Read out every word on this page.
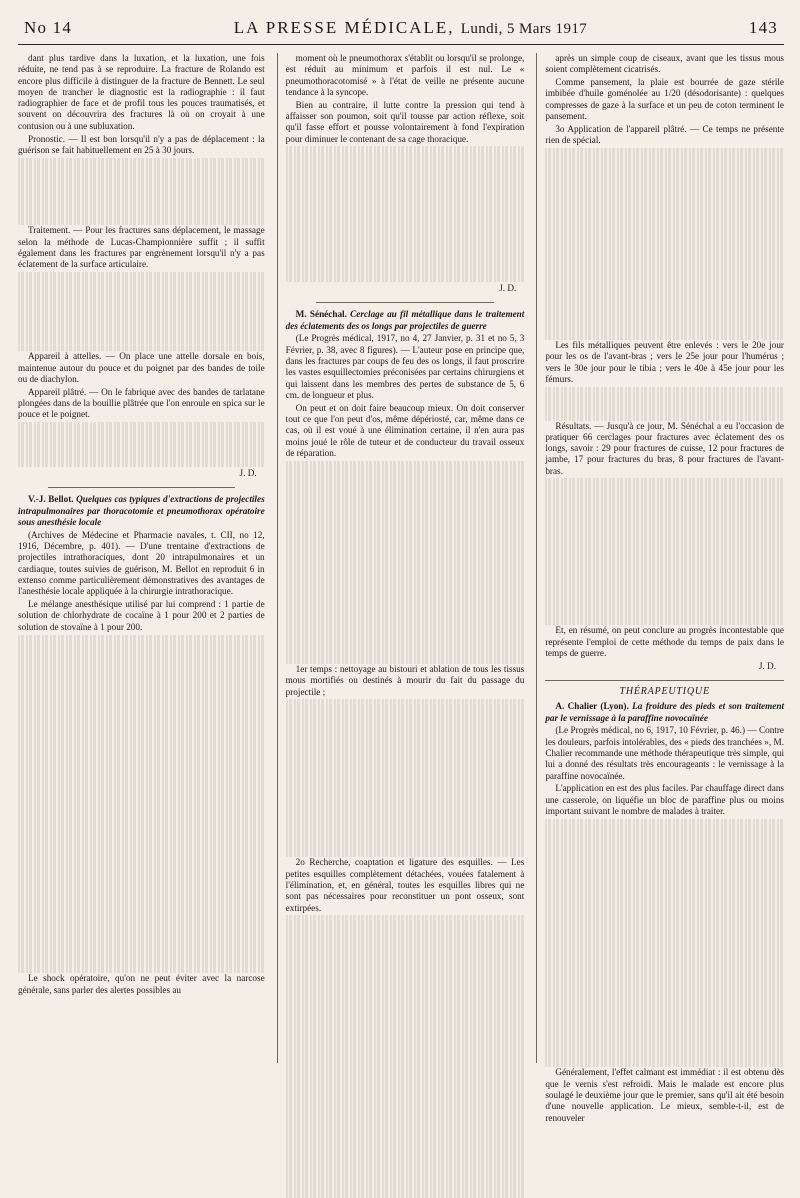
No 14	LA PRESSE MÉDICALE, Lundi, 5 Mars 1917	143

dant plus tardive dans la luxation, et la luxation, une fois réduite, ne tend pas à se reproduire. La fracture de Rolando est encore plus difficile à distinguer de la fracture de Bennett. Le seul moyen de trancher le diagnostic est la radiographie : il faut radiographier de face et de profil tous les pouces traumatisés, et souvent on découvrira des fractures là où on croyait à une contusion ou à une subluxation.

Pronostic. — Il est bon lorsqu'il n'y a pas de déplacement : la guérison se fait habituellement en 25 à 30 jours.

Traitement. — Pour les fractures sans déplacement, le massage selon la méthode de Lucas-Championnière suffit ; il suffit également dans les fractures par engrènement lorsqu'il n'y a pas éclatement de la surface articulaire.

Appareil à attelles. — On place une attelle dorsale en bois, maintenue autour du pouce et du poignet par des bandes de toile ou de diachylon.

Appareil plâtré. — On le fabrique avec des bandes de tarlatane plongées dans de la bouillie plâtrée que l'on enroule en spica sur le pouce et le poignet.

J. D.

V.-J. Bellot. Quelques cas typiques d'extractions de projectiles intrapulmonaires par thoracotomie et pneumothorax opératoire sous anesthésie locale

(Archives de Médecine et Pharmacie navales, t. CII, no 12, 1916, Décembre, p. 401). — D'une trentaine d'extractions de projectiles intrathoraciques, dont 20 intrapulmonaires et un cardiaque, toutes suivies de guérison, M. Bellot en reproduit 6 in extenso comme particulièrement démonstratives des avantages de l'anesthésie locale appliquée à la chirurgie intrathoracique.

Le mélange anesthésique utilisé par lui comprend : 1 partie de solution de chlorhydrate de cocaïne à 1 pour 200 et 2 parties de solution de stovaïne à 1 pour 200.

Le shock opératoire, qu'on ne peut éviter avec la narcose générale, sans parler des alertes possibles au

moment où le pneumothorax s'établit ou lorsqu'il se prolonge, est réduit au minimum et parfois il est nul. Le « pneumothoracotomisé » à l'état de veille ne présente aucune tendance à la syncope.

Bien au contraire, il lutte contre la pression qui tend à affaisser son poumon, soit qu'il tousse par action réflexe, soit qu'il fasse effort et pousse volontairement à fond l'expiration pour diminuer le contenant de sa cage thoracique.

J. D.

M. Sénéchal. Cerclage au fil métallique dans le traitement des éclatements des os longs par projectiles de guerre

(Le Progrès médical, 1917, no 4, 27 Janvier, p. 31 et no 5, 3 Février, p. 38, avec 8 figures). — L'auteur pose en principe que, dans les fractures par coups de feu des os longs, il faut proscrire les vastes esquillectomies préconisées par certains chirurgiens et qui laissent dans les membres des pertes de substance de 5, 6 cm. de longueur et plus.

On peut et on doit faire beaucoup mieux. On doit conserver tout ce que l'on peut d'os, même dépériosté, car, même dans ce cas, où il est voué à une élimination certaine, il n'en aura pas moins joué le rôle de tuteur et de conducteur du travail osseux de réparation.

1er temps : nettoyage au bistouri et ablation de tous les tissus mous mortifiés ou destinés à mourir du fait du passage du projectile ;

2o Recherche, coaptation et ligature des esquilles. — Les petites esquilles complètement détachées, vouées fatalement à l'élimination, et, en général, toutes les esquilles libres qui ne sont pas nécessaires pour reconstituer un pont osseux, sont extirpées.

après un simple coup de ciseaux, avant que les tissus mous soient complètement cicatrisés.

Comme pansement, la plaie est bourrée de gaze stérile imbibée d'huile goménolée au 1/20 (désodorisante) : quelques compresses de gaze à la surface et un peu de coton terminent le pansement.

3o Application de l'appareil plâtré. — Ce temps ne présente rien de spécial.

Les fils métalliques peuvent être enlevés : vers le 20e jour pour les os de l'avant-bras ; vers le 25e jour pour l'humérus ; vers le 30e jour pour le tibia ; vers le 40e à 45e jour pour les fémurs.

Résultats. — Jusqu'à ce jour, M. Sénéchal a eu l'occasion de pratiquer 66 cerclages pour fractures avec éclatement des os longs, savoir : 29 pour fractures de cuisse, 12 pour fractures de jambe, 17 pour fractures du bras, 8 pour fractures de l'avant-bras.

Et, en résumé, on peut conclure au progrès incontestable que représente l'emploi de cette méthode du temps de paix dans le temps de guerre.

J. D.

THÉRAPEUTIQUE

A. Chalier (Lyon). La froidure des pieds et son traitement par le vernissage à la paraffine novocaïnée

(Le Progrès médical, no 6, 1917, 10 Février, p. 46.) — Contre les douleurs, parfois intolérables, des « pieds des tranchées », M. Chalier recommande une méthode thérapeutique très simple, qui lui a donné des résultats très encourageants : le vernissage à la paraffine novocaïnée.

L'application en est des plus faciles. Par chauffage direct dans une casserole, on liquéfie un bloc de paraffine plus ou moins important suivant le nombre de malades à traiter.

Généralement, l'effet calmant est immédiat : il est obtenu dès que le vernis s'est refroidi. Mais le malade est encore plus soulagé le deuxième jour que le premier, sans qu'il ait été besoin d'une nouvelle application. Le mieux, semble-t-il, est de renouveler
